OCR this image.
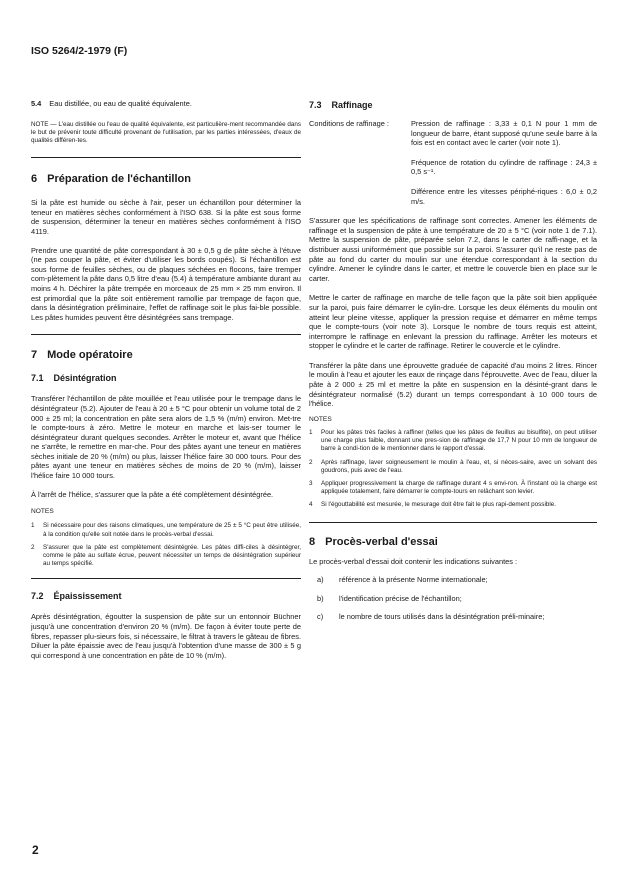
ISO 5264/2-1979 (F)

5.4 Eau distillée, ou eau de qualité équivalente.

NOTE — L'eau distillée ou l'eau de qualité équivalente, est particulière-ment recommandée dans le but de prévenir toute difficulté provenant de l'utilisation, par les parties intéressées, d'eaux de qualités différen-tes.

6 Préparation de l'échantillon

Si la pâte est humide ou sèche à l'air, peser un échantillon pour déterminer la teneur en matières sèches conformément à l'ISO 638. Si la pâte est sous forme de suspension, déterminer la teneur en matières sèches conformément à l'ISO 4119.

Prendre une quantité de pâte correspondant à 30 ± 0,5 g de pâte sèche à l'étuve (ne pas couper la pâte, et éviter d'utiliser les bords coupés). Si l'échantillon est sous forme de feuilles sèches, ou de plaques séchées en flocons, faire tremper com-plètement la pâte dans 0,5 litre d'eau (5.4) à température ambiante durant au moins 4 h. Déchirer la pâte trempée en morceaux de 25 mm × 25 mm environ. Il est primordial que la pâte soit entièrement ramollie par trempage de façon que, dans la désintégration préliminaire, l'effet de raffinage soit le plus fai-ble possible. Les pâtes humides peuvent être désintégrées sans trempage.

7 Mode opératoire
7.1 Désintégration

Transférer l'échantillon de pâte mouillée et l'eau utilisée pour le trempage dans le désintégrateur (5.2). Ajouter de l'eau à 20 ± 5 °C pour obtenir un volume total de 2 000 ± 25 ml; la concentration en pâte sera alors de 1,5 % (m/m) environ. Met-tre le compte-tours à zéro. Mettre le moteur en marche et lais-ser tourner le désintégrateur durant quelques secondes. Arrêter le moteur et, avant que l'hélice ne s'arrête, le remettre en mar-che. Pour des pâtes ayant une teneur en matières sèches initiale de 20 % (m/m) ou plus, laisser l'hélice faire 30 000 tours. Pour des pâtes ayant une teneur en matières sèches de moins de 20 % (m/m), laisser l'hélice faire 10 000 tours.

À l'arrêt de l'hélice, s'assurer que la pâte a été complètement désintégrée.

NOTES

1	Si nécessaire pour des raisons climatiques, une température de 25 ± 5 °C peut être utilisée, à la condition qu'elle soit notée dans le procès-verbal d'essai.
2	S'assurer que la pâte est complètement désintégrée. Les pâtes diffi-ciles à désintégrer, comme le pâte au sulfate écrue, peuvent nécessiter un temps de désintégration supérieur au temps spécifié.
7.2 Épaississement

Après désintégration, égoutter la suspension de pâte sur un entonnoir Büchner jusqu'à une concentration d'environ 20 % (m/m). De façon à éviter toute perte de fibres, repasser plu-sieurs fois, si nécessaire, le filtrat à travers le gâteau de fibres. Diluer la pâte épaissie avec de l'eau jusqu'à l'obtention d'une masse de 300 ± 5 g qui correspond à une concentration en pâte de 10 % (m/m).

7.3 Raffinage
Conditions de raffinage :	Pression de raffinage : 3,33 ± 0,1 N pour 1 mm de longueur de barre, étant supposé qu'une seule barre à la fois est en contact avec le carter (voir note 1).

Fréquence de rotation du cylindre de raffinage : 24,3 ± 0,5 s⁻¹.

Différence entre les vitesses périphé-riques : 6,0 ± 0,2 m/s.

S'assurer que les spécifications de raffinage sont correctes. Amener les éléments de raffinage et la suspension de pâte à une température de 20 ± 5 °C (voir note 1 de 7.1). Mettre la suspension de pâte, préparée selon 7.2, dans le carter de raffi-nage, et la distribuer aussi uniformément que possible sur la paroi. S'assurer qu'il ne reste pas de pâte au fond du carter du moulin sur une étendue correspondant à la section du cylindre. Amener le cylindre dans le carter, et mettre le couvercle bien en place sur le carter.

Mettre le carter de raffinage en marche de telle façon que la pâte soit bien appliquée sur la paroi, puis faire démarrer le cylin-dre. Lorsque les deux éléments du moulin ont atteint leur pleine vitesse, appliquer la pression requise et démarrer en même temps que le compte-tours (voir note 3). Lorsque le nombre de tours requis est atteint, interrompre le raffinage en enlevant la pression du raffinage. Arrêter les moteurs et stopper le cylindre et le carter de raffinage. Retirer le couvercle et le cylindre.

Transférer la pâte dans une éprouvette graduée de capacité d'au moins 2 litres. Rincer le moulin à l'eau et ajouter les eaux de rinçage dans l'éprouvette. Avec de l'eau, diluer la pâte à 2 000 ± 25 ml et mettre la pâte en suspension en la désinté-grant dans le désintégrateur normalisé (5.2) durant un temps correspondant à 10 000 tours de l'hélice.

NOTES

1	Pour les pâtes très faciles à raffiner (telles que les pâtes de feuillus au bisulfite), on peut utiliser une charge plus faible, donnant une pres-sion de raffinage de 17,7 N pour 10 mm de longueur de barre à condi-tion de le mentionner dans le rapport d'essai.
2	Après raffinage, laver soigneusement le moulin à l'eau, et, si néces-saire, avec un solvant des goudrons, puis avec de l'eau.
3	Appliquer progressivement la charge de raffinage durant 4 s envi-ron. À l'instant où la charge est appliquée totalement, faire démarrer le compte-tours en relâchant son levier.
4	Si l'égouttabilité est mesurée, le mesurage doit être fait le plus rapi-dement possible.
8 Procès-verbal d'essai

Le procès-verbal d'essai doit contenir les indications suivantes :

a)	référence à la présente Norme internationale;
b)	l'identification précise de l'échantillon;
c)	le nombre de tours utilisés dans la désintégration préli-minaire;
2
